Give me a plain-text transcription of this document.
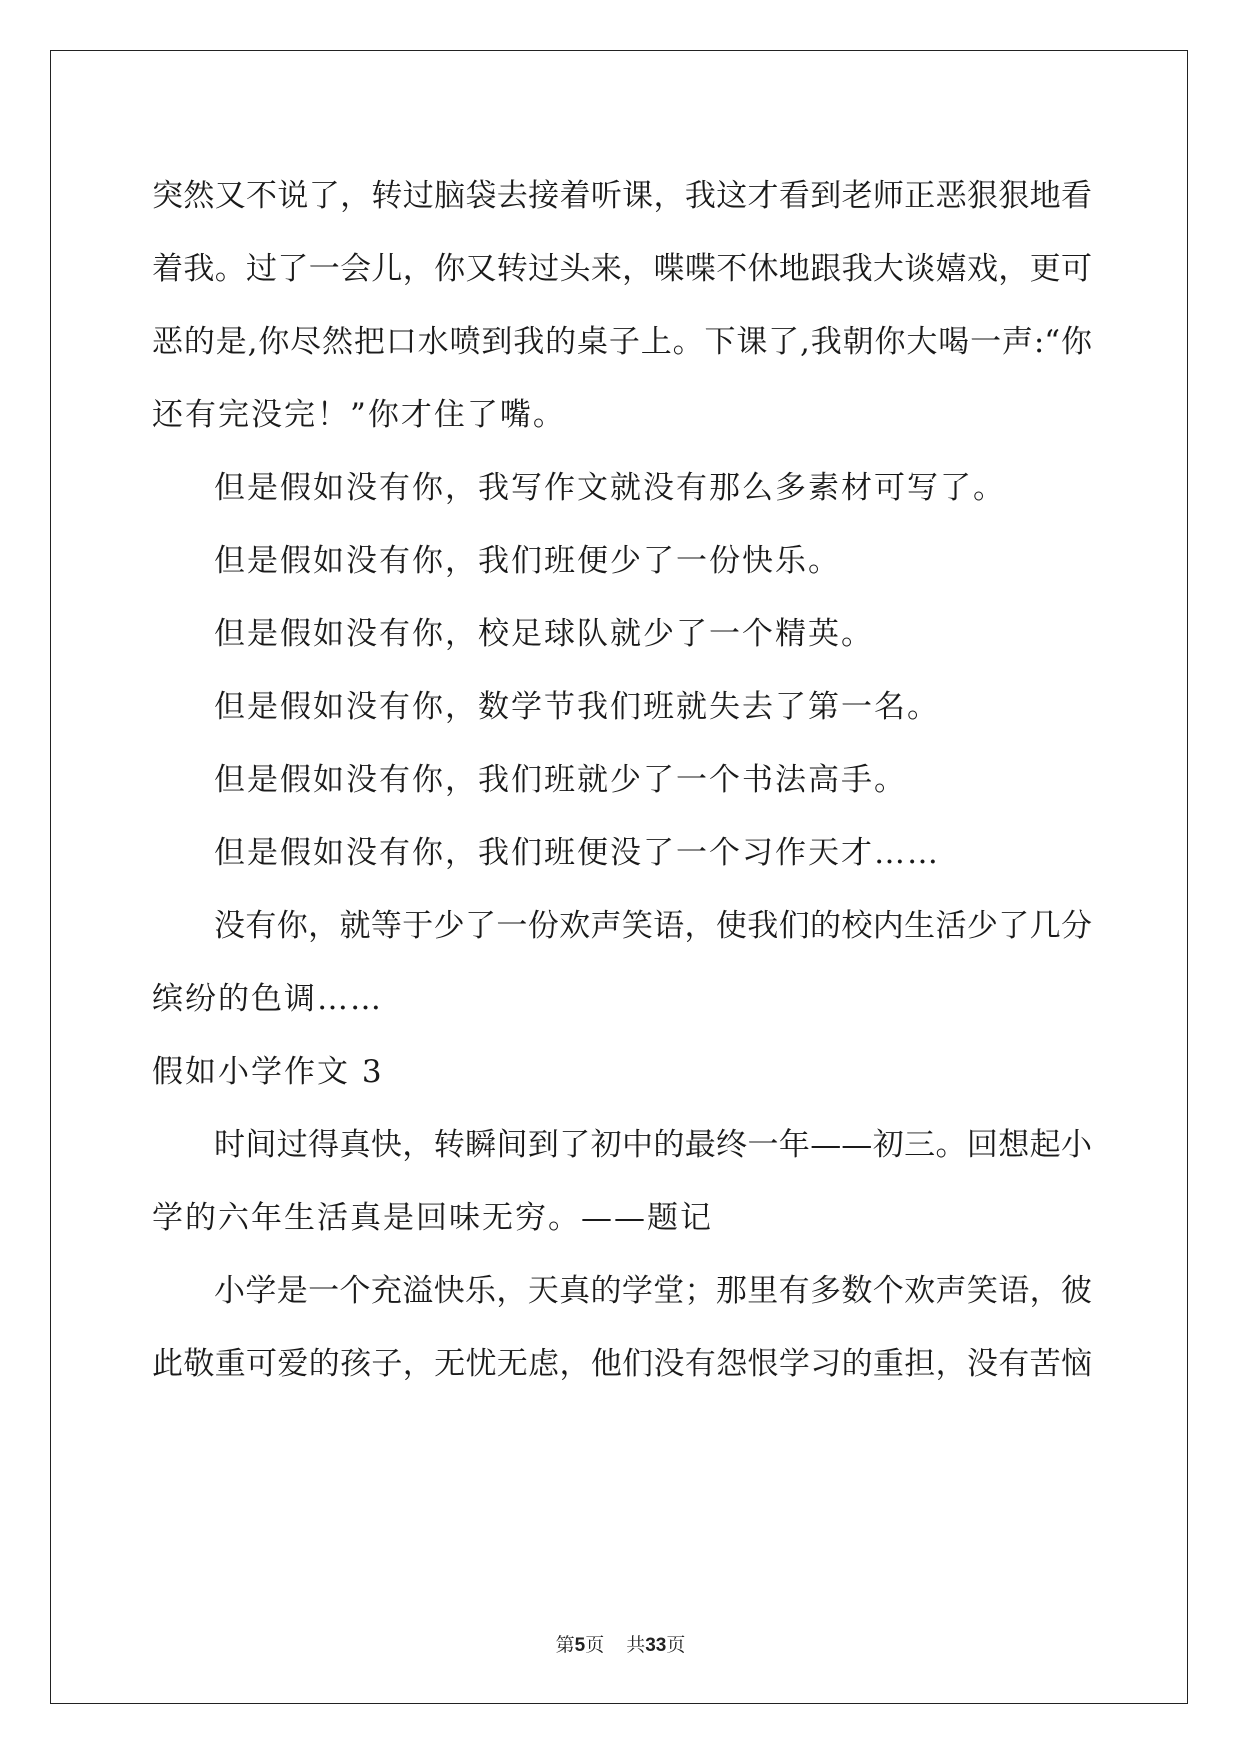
突然又不说了，转过脑袋去接着听课，我这才看到老师正恶狠狠地看
着我。过了一会儿，你又转过头来，喋喋不休地跟我大谈嬉戏，更可
恶的是,你尽然把口水喷到我的桌子上。下课了,我朝你大喝一声:“你
还有完没完！”你才住了嘴。
但是假如没有你，我写作文就没有那么多素材可写了。
但是假如没有你，我们班便少了一份快乐。
但是假如没有你，校足球队就少了一个精英。
但是假如没有你，数学节我们班就失去了第一名。
但是假如没有你，我们班就少了一个书法高手。
但是假如没有你，我们班便没了一个习作天才……
没有你，就等于少了一份欢声笑语，使我们的校内生活少了几分
缤纷的色调……
假如小学作文 3
时间过得真快，转瞬间到了初中的最终一年——初三。回想起小
学的六年生活真是回味无穷。——题记
小学是一个充溢快乐，天真的学堂；那里有多数个欢声笑语，彼
此敬重可爱的孩子，无忧无虑，他们没有怨恨学习的重担，没有苦恼
第5页 共33页
